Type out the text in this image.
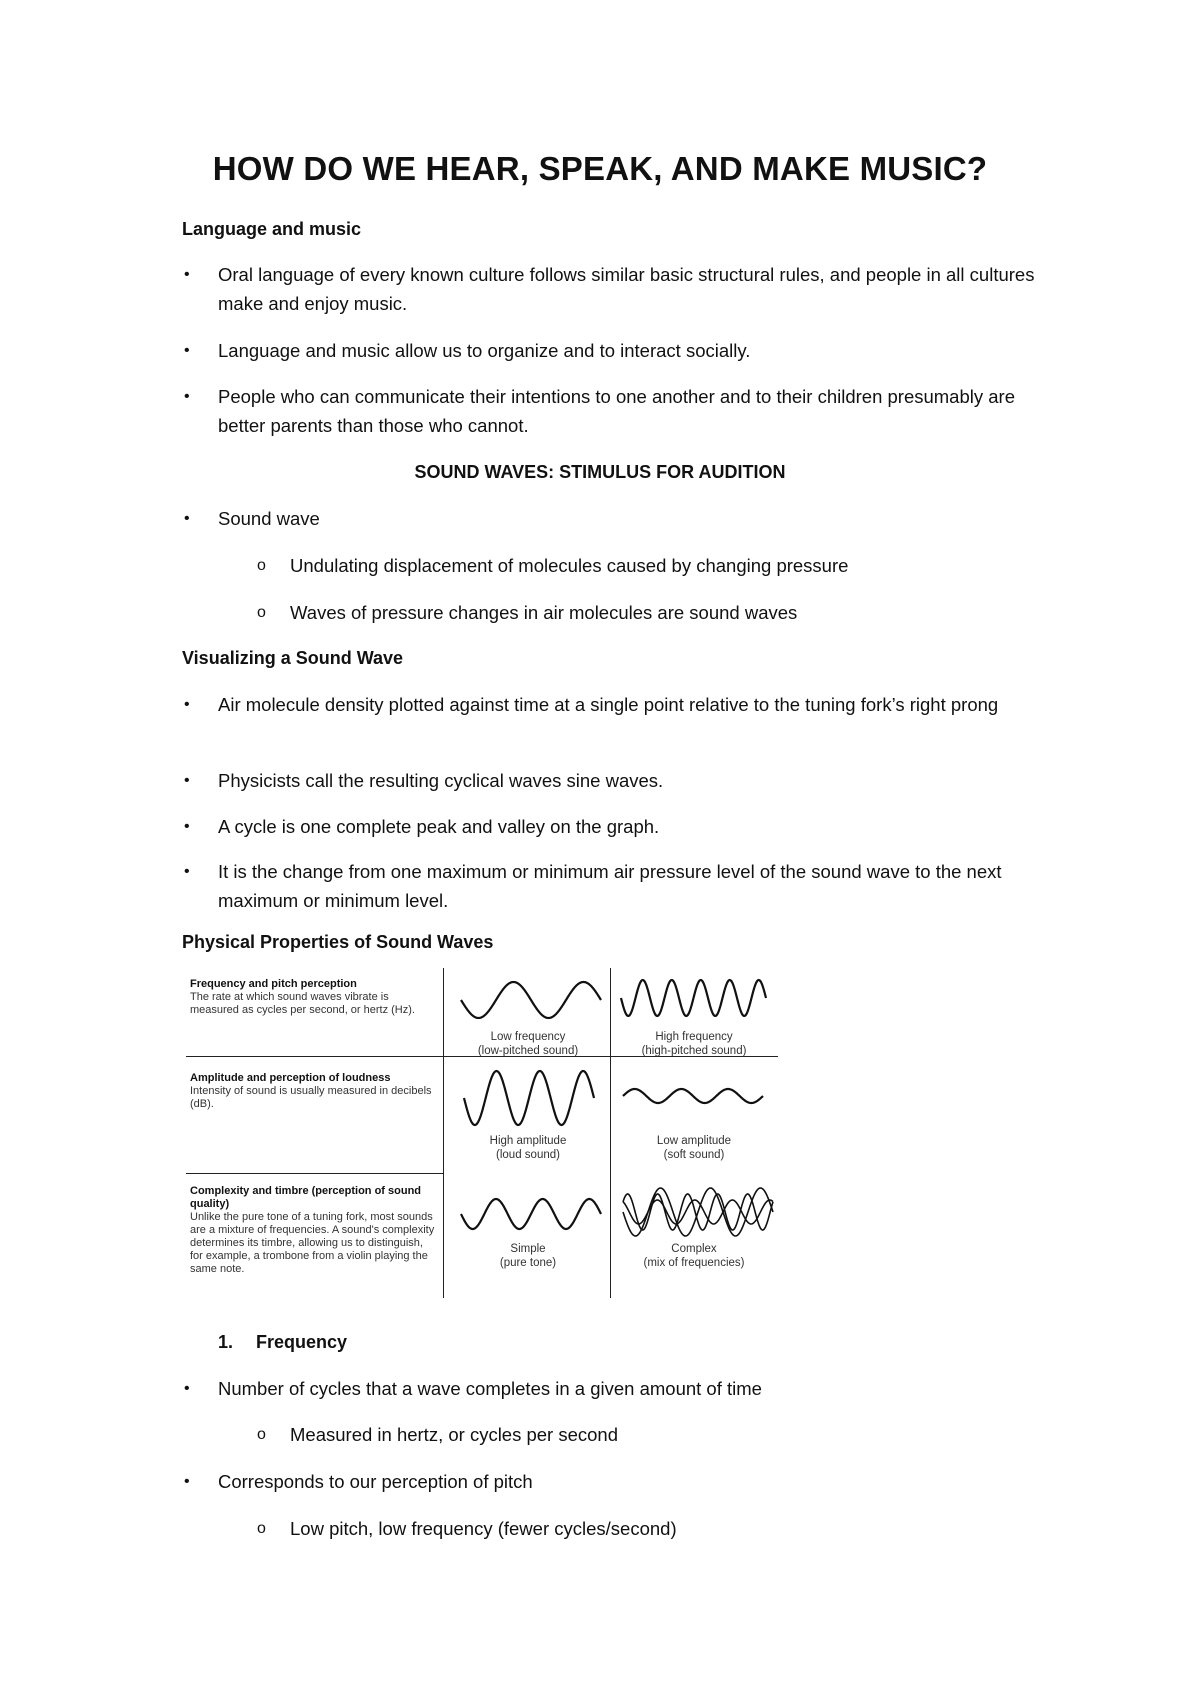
HOW DO WE HEAR, SPEAK, AND MAKE MUSIC?
Language and music
• Oral language of every known culture follows similar basic structural rules, and people in all cultures make and enjoy music.
• Language and music allow us to organize and to interact socially.
• People who can communicate their intentions to one another and to their children presumably are better parents than those who cannot.
SOUND WAVES: STIMULUS FOR AUDITION
• Sound wave
o Undulating displacement of molecules caused by changing pressure
o Waves of pressure changes in air molecules are sound waves
Visualizing a Sound Wave
• Air molecule density plotted against time at a single point relative to the tuning fork’s right prong
• Physicists call the resulting cyclical waves sine waves.
• A cycle is one complete peak and valley on the graph.
• It is the change from one maximum or minimum air pressure level of the sound wave to the next maximum or minimum level.
Physical Properties of Sound Waves
Frequency and pitch perception
The rate at which sound waves vibrate is measured as cycles per second, or hertz (Hz).
Amplitude and perception of loudness
Intensity of sound is usually measured in decibels (dB).
Complexity and timbre (perception of sound quality)
Unlike the pure tone of a tuning fork, most sounds are a mixture of frequencies. A sound's complexity determines its timbre, allowing us to distinguish, for example, a trombone from a violin playing the same note.
Low frequency
(low-pitched sound)
High frequency
(high-pitched sound)
High amplitude
(loud sound)
Low amplitude
(soft sound)
Simple
(pure tone)
Complex
(mix of frequencies)
1. Frequency
• Number of cycles that a wave completes in a given amount of time
o Measured in hertz, or cycles per second
• Corresponds to our perception of pitch
o Low pitch, low frequency (fewer cycles/second)
